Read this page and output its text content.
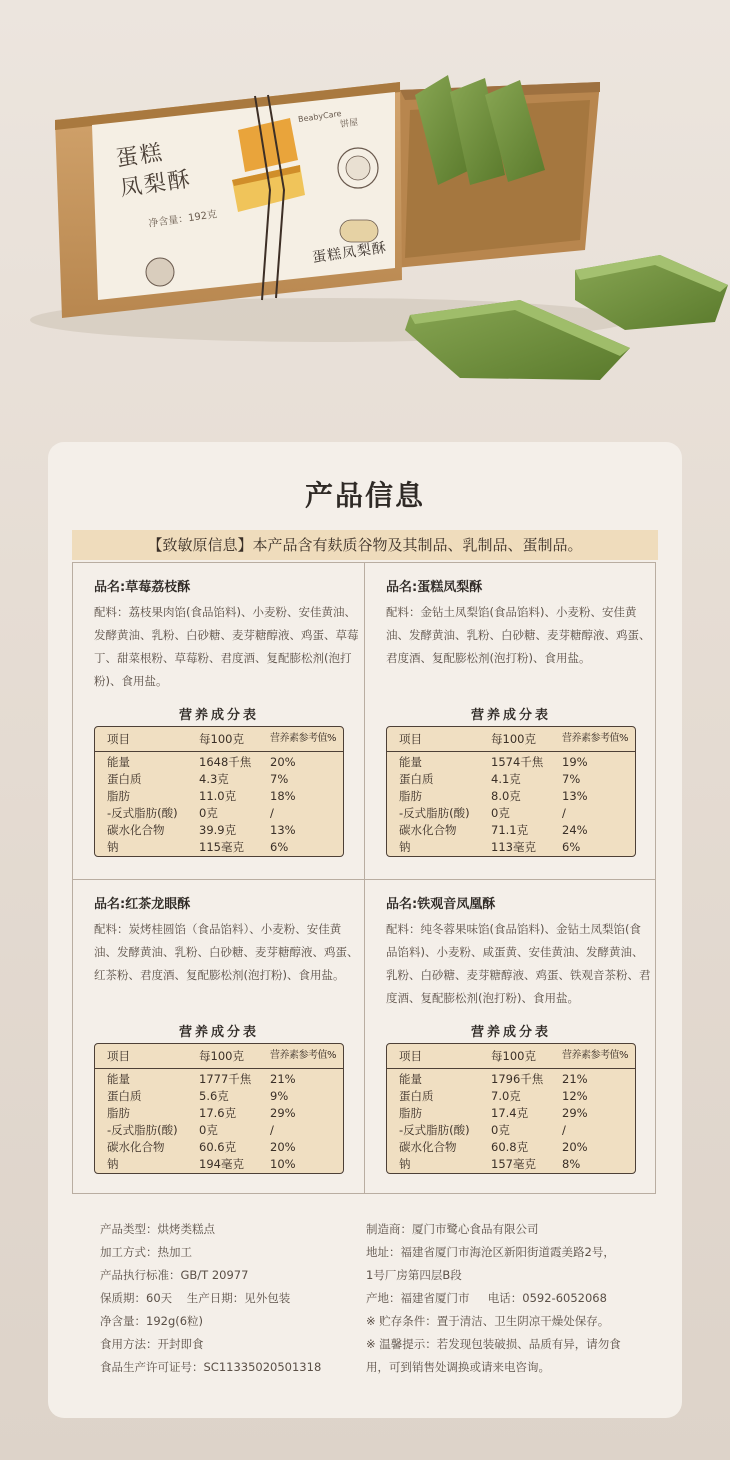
蛋糕
凤梨酥
BeabyCare
饼屋
净含量：192克
蛋糕凤梨酥
产品信息
【致敏原信息】本产品含有麸质谷物及其制品、乳制品、蛋制品。
品名:草莓荔枝酥
配料：荔枝果肉馅(食品馅料)、小麦粉、安佳黄油、发酵黄油、乳粉、白砂糖、麦芽糖醇液、鸡蛋、草莓丁、甜菜根粉、草莓粉、君度酒、复配膨松剂(泡打粉)、食用盐。
营养成分表
项目	每100克	营养素参考值%
能量	1648千焦 20%
蛋白质	4.3克	7%
脂肪	11.0克	18%
-反式脂肪(酸) 0克	/
碳水化合物	39.9克	13%
钠	115毫克 6%
品名:蛋糕凤梨酥
配料：金钻土凤梨馅(食品馅料)、小麦粉、安佳黄油、发酵黄油、乳粉、白砂糖、麦芽糖醇液、鸡蛋、君度酒、复配膨松剂(泡打粉)、食用盐。
营养成分表
项目	每100克	营养素参考值%
能量	1574千焦 19%
蛋白质	4.1克	7%
脂肪	8.0克	13%
-反式脂肪(酸) 0克	/
碳水化合物	71.1克	24%
钠	113毫克 6%
品名:红茶龙眼酥
配料：炭烤桂圆馅（食品馅料）、小麦粉、安佳黄油、发酵黄油、乳粉、白砂糖、麦芽糖醇液、鸡蛋、红茶粉、君度酒、复配膨松剂(泡打粉)、食用盐。
营养成分表
项目	每100克	营养素参考值%
能量	1777千焦 21%
蛋白质	5.6克	9%
脂肪	17.6克	29%
-反式脂肪(酸) 0克	/
碳水化合物	60.6克	20%
钠	194毫克 10%
品名:铁观音凤凰酥
配料：纯冬蓉果味馅(食品馅料)、金钻土凤梨馅(食品馅料)、小麦粉、咸蛋黄、安佳黄油、发酵黄油、乳粉、白砂糖、麦芽糖醇液、鸡蛋、铁观音茶粉、君度酒、复配膨松剂(泡打粉)、食用盐。
营养成分表
项目	每100克	营养素参考值%
能量	1796千焦 21%
蛋白质	7.0克	12%
脂肪	17.4克	29%
-反式脂肪(酸) 0克	/
碳水化合物	60.8克	20%
钠	157毫克 8%
产品类型：烘烤类糕点
加工方式：热加工
产品执行标准：GB/T 20977
保质期：60天    生产日期：见外包装
净含量：192g(6粒)
食用方法：开封即食
食品生产许可证号：SC11335020501318
制造商：厦门市鹭心食品有限公司
地址：福建省厦门市海沧区新阳街道霞美路2号，
1号厂房第四层B段
产地：福建省厦门市     电话：0592-6052068
※ 贮存条件：置于清洁、卫生阴凉干燥处保存。
※ 温馨提示：若发现包装破损、品质有异，请勿食
用，可到销售处调换或请来电咨询。
